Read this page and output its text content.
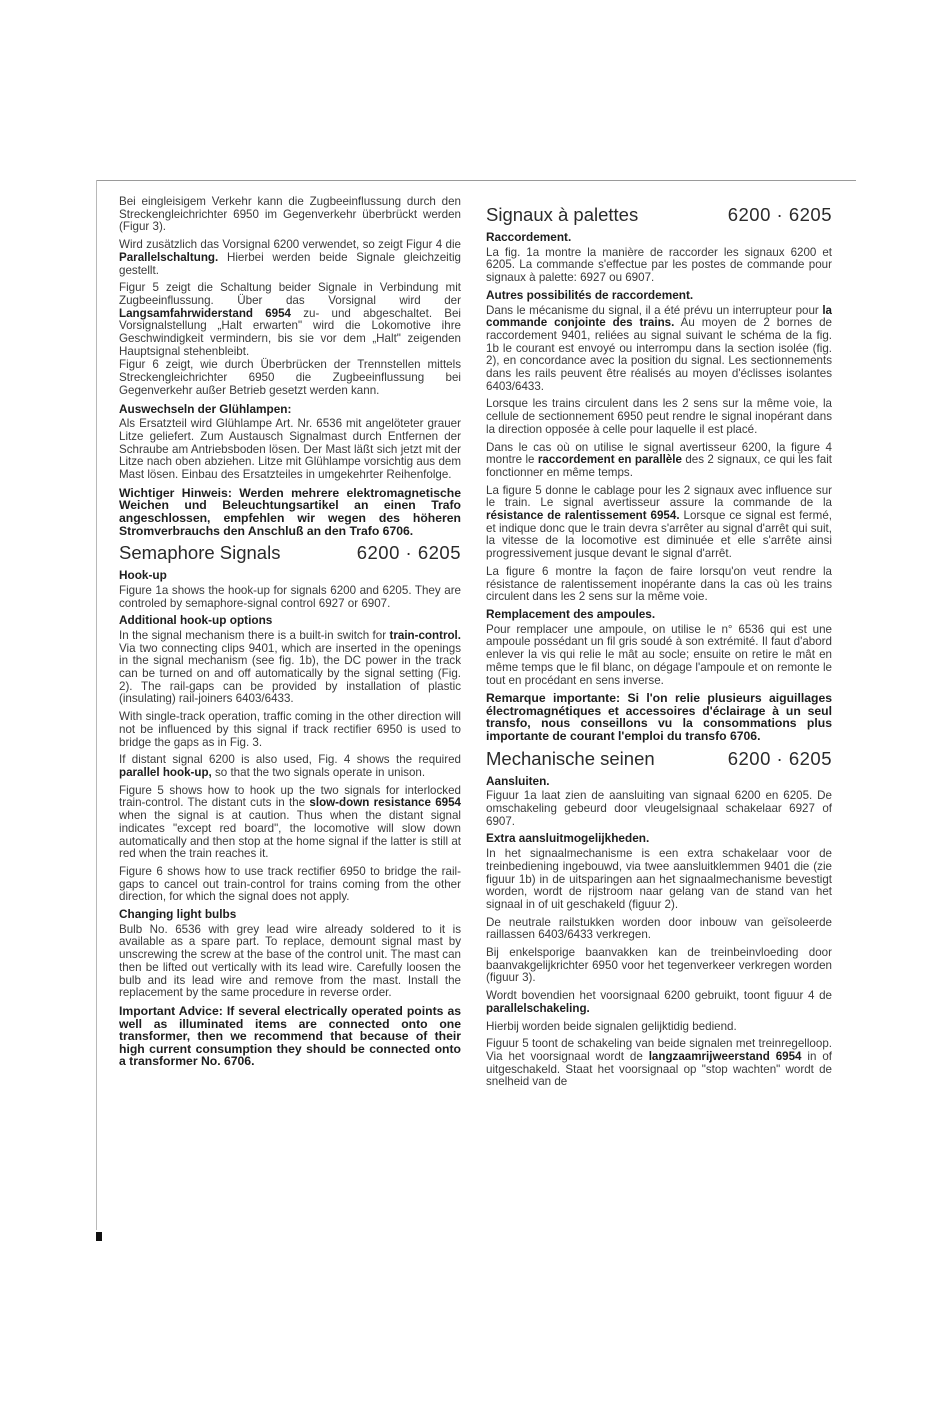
Bei eingleisigem Verkehr kann die Zugbeeinflussung durch den Streckengleichrichter 6950 im Gegenverkehr überbrückt werden (Figur 3).

Wird zusätzlich das Vorsignal 6200 verwendet, so zeigt Figur 4 die Parallelschaltung. Hierbei werden beide Signale gleichzeitig gestellt.

Figur 5 zeigt die Schaltung beider Signale in Verbindung mit Zugbeeinflussung. Über das Vorsignal wird der Langsamfahrwiderstand 6954 zu- und abgeschaltet. Bei Vorsignalstellung „Halt erwarten" wird die Lokomotive ihre Geschwindigkeit vermindern, bis sie vor dem „Halt" zeigenden Hauptsignal stehenbleibt.

Figur 6 zeigt, wie durch Überbrücken der Trennstellen mittels Streckengleichrichter 6950 die Zugbeeinflussung bei Gegenverkehr außer Betrieb gesetzt werden kann.

Auswechseln der Glühlampen:

Als Ersatzteil wird Glühlampe Art. Nr. 6536 mit angelöteter grauer Litze geliefert. Zum Austausch Signalmast durch Entfernen der Schraube am Antriebsboden lösen. Der Mast läßt sich jetzt mit der Litze nach oben abziehen. Litze mit Glühlampe vorsichtig aus dem Mast lösen. Einbau des Ersatzteiles in umgekehrter Reihenfolge.

Wichtiger Hinweis: Werden mehrere elektromagnetische Weichen und Beleuchtungsartikel an einen Trafo angeschlossen, empfehlen wir wegen des höheren Stromverbrauchs den Anschluß an den Trafo 6706.

Semaphore Signals	6200 · 6205
Hook-up

Figure 1a shows the hook-up for signals 6200 and 6205. They are controled by semaphore-signal control 6927 or 6907.

Additional hook-up options

In the signal mechanism there is a built-in switch for train-control. Via two connecting clips 9401, which are inserted in the openings in the signal mechanism (see fig. 1b), the DC power in the track can be turned on and off automatically by the signal setting (Fig. 2). The rail-gaps can be provided by installation of plastic (insulating) rail-joiners 6403/6433.

With single-track operation, traffic coming in the other direction will not be influenced by this signal if track rectifier 6950 is used to bridge the gaps as in Fig. 3.

If distant signal 6200 is also used, Fig. 4 shows the required parallel hook-up, so that the two signals operate in unison.

Figure 5 shows how to hook up the two signals for interlocked train-control. The distant cuts in the slow-down resistance 6954 when the signal is at caution. Thus when the distant signal indicates "except red board", the locomotive will slow down automatically and then stop at the home signal if the latter is still at red when the train reaches it.

Figure 6 shows how to use track rectifier 6950 to bridge the rail-gaps to cancel out train-control for trains coming from the other direction, for which the signal does not apply.

Changing light bulbs

Bulb No. 6536 with grey lead wire already soldered to it is available as a spare part. To replace, demount signal mast by unscrewing the screw at the base of the control unit. The mast can then be lifted out vertically with its lead wire. Carefully loosen the bulb and its lead wire and remove from the mast. Install the replacement by the same procedure in reverse order.

Important Advice: If several electrically operated points as well as illuminated items are connected onto one transformer, then we recommend that because of their high current consumption they should be connected onto a transformer No. 6706.

Signaux à palettes	6200 · 6205
Raccordement.

La fig. 1a montre la manière de raccorder les signaux 6200 et 6205. La commande s'effectue par les postes de commande pour signaux à palette: 6927 ou 6907.

Autres possibilités de raccordement.

Dans le mécanisme du signal, il a été prévu un interrupteur pour la commande conjointe des trains. Au moyen de 2 bornes de raccordement 9401, reliées au signal suivant le schéma de la fig. 1b le courant est envoyé ou interrompu dans la section isolée (fig. 2), en concordance avec la position du signal. Les sectionnements dans les rails peuvent être réalisés au moyen d'éclisses isolantes 6403/6433.

Lorsque les trains circulent dans les 2 sens sur la même voie, la cellule de sectionnement 6950 peut rendre le signal inopérant dans la direction opposée à celle pour laquelle il est placé.

Dans le cas où on utilise le signal avertisseur 6200, la figure 4 montre le raccordement en parallèle des 2 signaux, ce qui les fait fonctionner en même temps.

La figure 5 donne le cablage pour les 2 signaux avec influence sur le train. Le signal avertisseur assure la commande de la résistance de ralentissement 6954. Lorsque ce signal est fermé, et indique donc que le train devra s'arrêter au signal d'arrêt qui suit, la vitesse de la locomotive est diminuée et elle s'arrête ainsi progressivement jusque devant le signal d'arrêt.

La figure 6 montre la façon de faire lorsqu'on veut rendre la résistance de ralentissement inopérante dans la cas où les trains circulent dans les 2 sens sur la même voie.

Remplacement des ampoules.

Pour remplacer une ampoule, on utilise le n° 6536 qui est une ampoule possédant un fil gris soudé à son extrémité. Il faut d'abord enlever la vis qui relie le mât au socle; ensuite on retire le mât en même temps que le fil blanc, on dégage l'ampoule et on remonte le tout en procédant en sens inverse.

Remarque importante: Si l'on relie plusieurs aiguillages électromagnétiques et accessoires d'éclairage à un seul transfo, nous conseillons vu la consommations plus importante de courant l'emploi du transfo 6706.

Mechanische seinen	6200 · 6205
Aansluiten.

Figuur 1a laat zien de aansluiting van signaal 6200 en 6205. De omschakeling gebeurd door vleugelsignaal schakelaar 6927 of 6907.

Extra aansluitmogelijkheden.

In het signaalmechanisme is een extra schakelaar voor de treinbediening ingebouwd, via twee aansluitklemmen 9401 die (zie figuur 1b) in de uitsparingen aan het signaalmechanisme bevestigt worden, wordt de rijstroom naar gelang van de stand van het signaal in of uit geschakeld (figuur 2).

De neutrale railstukken worden door inbouw van geïsoleerde raillassen 6403/6433 verkregen.

Bij enkelsporige baanvakken kan de treinbeinvloeding door baanvakgelijkrichter 6950 voor het tegenverkeer verkregen worden (figuur 3).

Wordt bovendien het voorsignaal 6200 gebruikt, toont figuur 4 de parallelschakeling.

Hierbij worden beide signalen gelijktidig bediend.

Figuur 5 toont de schakeling van beide signalen met treinregelloop. Via het voorsignaal wordt de langzaamrijweerstand 6954 in of uitgeschakeld. Staat het voorsignaal op "stop wachten" wordt de snelheid van de
